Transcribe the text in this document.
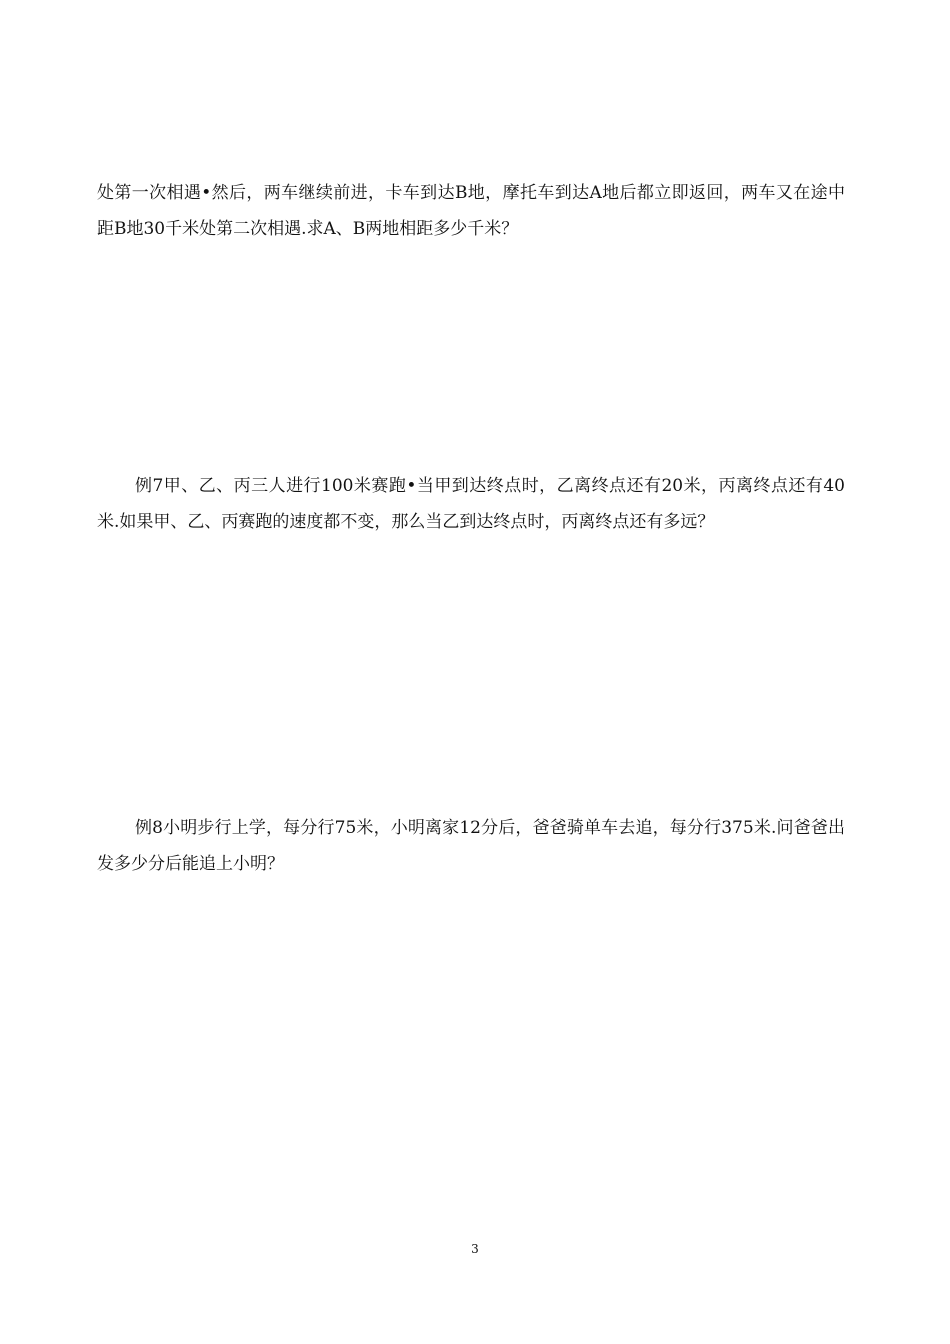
处第一次相遇•然后，两车继续前进，卡车到达B地，摩托车到达A地后都立即返回，两车又在途中距B地30千米处第二次相遇.求A、B两地相距多少千米？

例7甲、乙、丙三人进行100米赛跑•当甲到达终点时，乙离终点还有20米，丙离终点还有40米.如果甲、乙、丙赛跑的速度都不变，那么当乙到达终点时，丙离终点还有多远？

例8小明步行上学，每分行75米，小明离家12分后，爸爸骑单车去追，每分行375米.问爸爸出发多少分后能追上小明？

3
